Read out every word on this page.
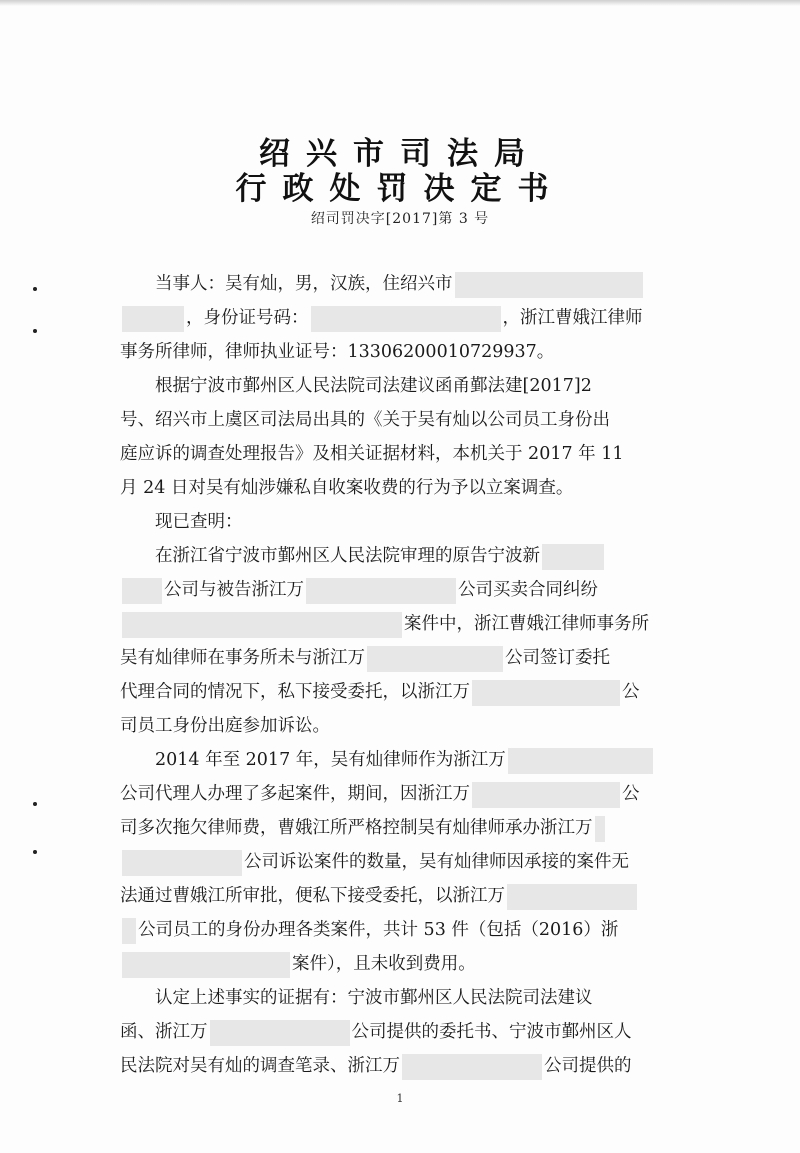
绍兴市司法局
行政处罚决定书
绍司罚决字[2017]第 3 号
当事人：吴有灿，男，汉族，住绍兴市
，身份证号码：	，浙江曹娥江律师
事务所律师，律师执业证号：13306200010729937。
根据宁波市鄞州区人民法院司法建议函甬鄞法建[2017]2
号、绍兴市上虞区司法局出具的《关于吴有灿以公司员工身份出
庭应诉的调查处理报告》及相关证据材料，本机关于 2017 年 11
月 24 日对吴有灿涉嫌私自收案收费的行为予以立案调查。
现已查明：
在浙江省宁波市鄞州区人民法院审理的原告宁波新
公司与被告浙江万	公司买卖合同纠纷
案件中，浙江曹娥江律师事务所
吴有灿律师在事务所未与浙江万	公司签订委托
代理合同的情况下，私下接受委托，以浙江万	公
司员工身份出庭参加诉讼。
2014 年至 2017 年，吴有灿律师作为浙江万
公司代理人办理了多起案件，期间，因浙江万	公
司多次拖欠律师费，曹娥江所严格控制吴有灿律师承办浙江万
公司诉讼案件的数量，吴有灿律师因承接的案件无
法通过曹娥江所审批，便私下接受委托，以浙江万
公司员工的身份办理各类案件，共计 53 件（包括（2016）浙
案件），且未收到费用。
认定上述事实的证据有：宁波市鄞州区人民法院司法建议
函、浙江万	公司提供的委托书、宁波市鄞州区人
民法院对吴有灿的调查笔录、浙江万	公司提供的
1
